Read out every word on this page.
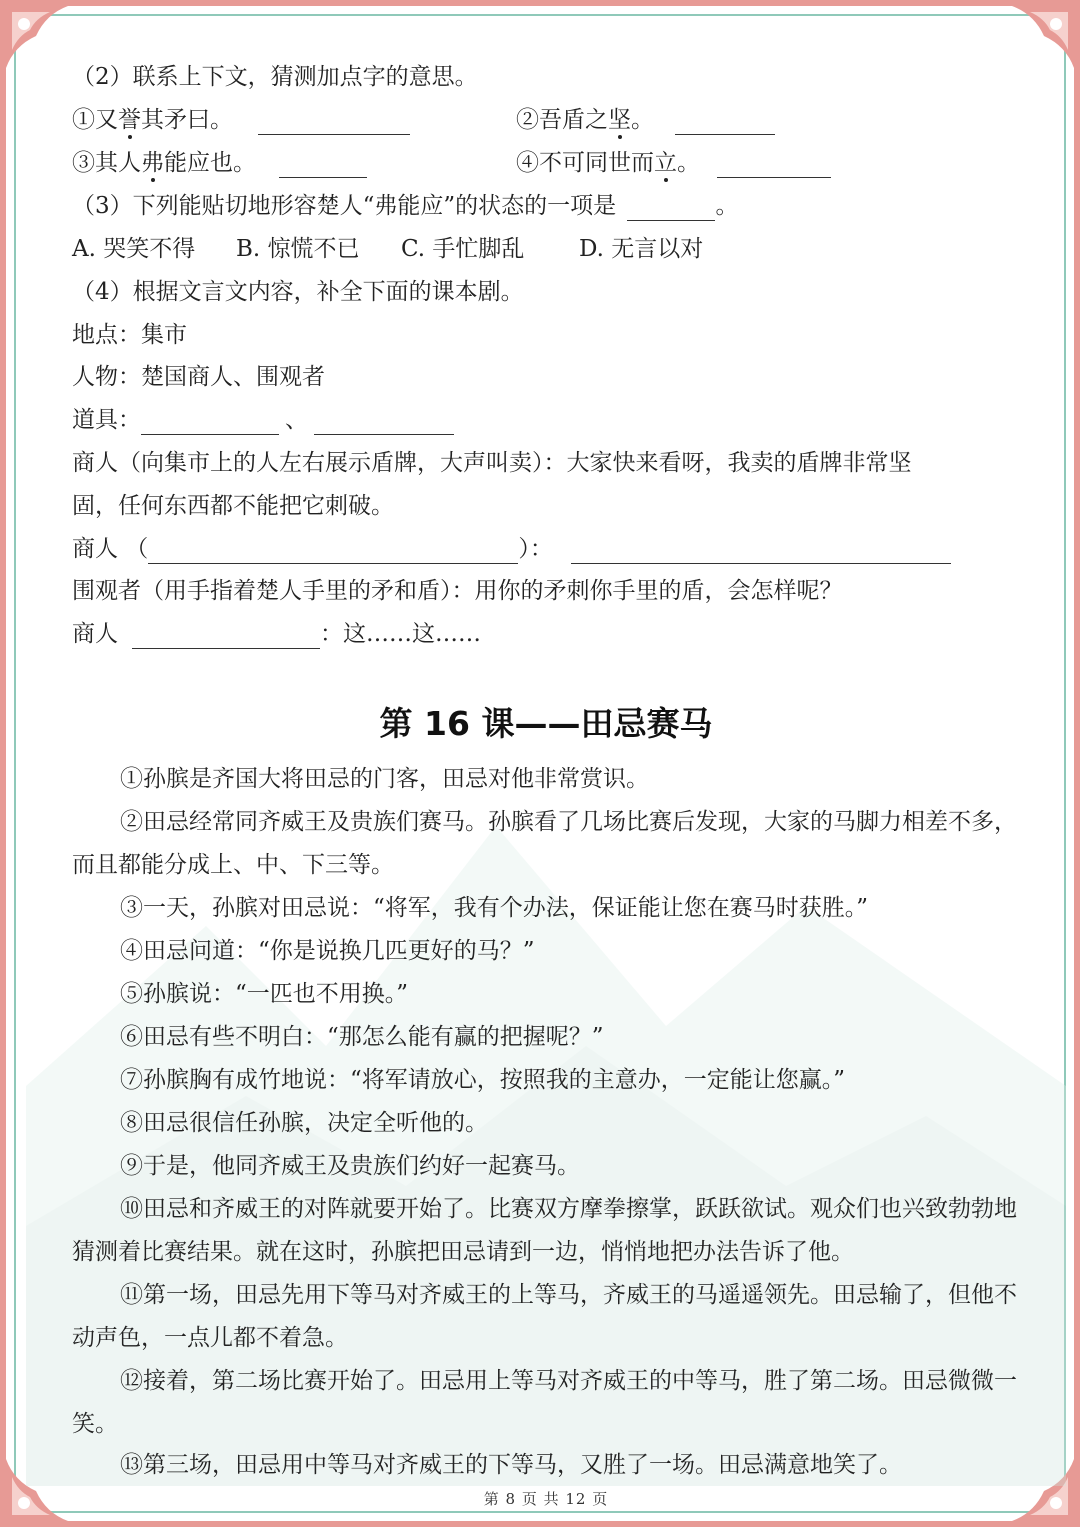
（2）联系上下文，猜测加点字的意思。
①又誉其矛曰。	②吾盾之坚。
③其人弗能应也。	④不可同世而立。
（3）下列能贴切地形容楚人“弗能应”的状态的一项是	。
A. 哭笑不得 B. 惊慌不已 C. 手忙脚乱 D. 无言以对
（4）根据文言文内容，补全下面的课本剧。
地点：集市
人物：楚国商人、围观者
道具：	、
商人（向集市上的人左右展示盾牌，大声叫卖）：大家快来看呀，我卖的盾牌非常坚
固，任何东西都不能把它刺破。
商人 （	）：
围观者（用手指着楚人手里的矛和盾）：用你的矛刺你手里的盾，会怎样呢？
商人	：这……这……
第 16 课——田忌赛马
①孙膑是齐国大将田忌的门客，田忌对他非常赏识。
②田忌经常同齐威王及贵族们赛马。孙膑看了几场比赛后发现，大家的马脚力相差不多，而且都能分成上、中、下三等。
③一天，孙膑对田忌说：“将军，我有个办法，保证能让您在赛马时获胜。”
④田忌问道：“你是说换几匹更好的马？”
⑤孙膑说：“一匹也不用换。”
⑥田忌有些不明白：“那怎么能有赢的把握呢？”
⑦孙膑胸有成竹地说：“将军请放心，按照我的主意办，一定能让您赢。”
⑧田忌很信任孙膑，决定全听他的。
⑨于是，他同齐威王及贵族们约好一起赛马。
⑩田忌和齐威王的对阵就要开始了。比赛双方摩拳擦掌，跃跃欲试。观众们也兴致勃勃地猜测着比赛结果。就在这时，孙膑把田忌请到一边，悄悄地把办法告诉了他。
⑪第一场，田忌先用下等马对齐威王的上等马，齐威王的马遥遥领先。田忌输了，但他不动声色，一点儿都不着急。
⑫接着，第二场比赛开始了。田忌用上等马对齐威王的中等马，胜了第二场。田忌微微一笑。
⑬第三场，田忌用中等马对齐威王的下等马，又胜了一场。田忌满意地笑了。
第 8 页 共 12 页
